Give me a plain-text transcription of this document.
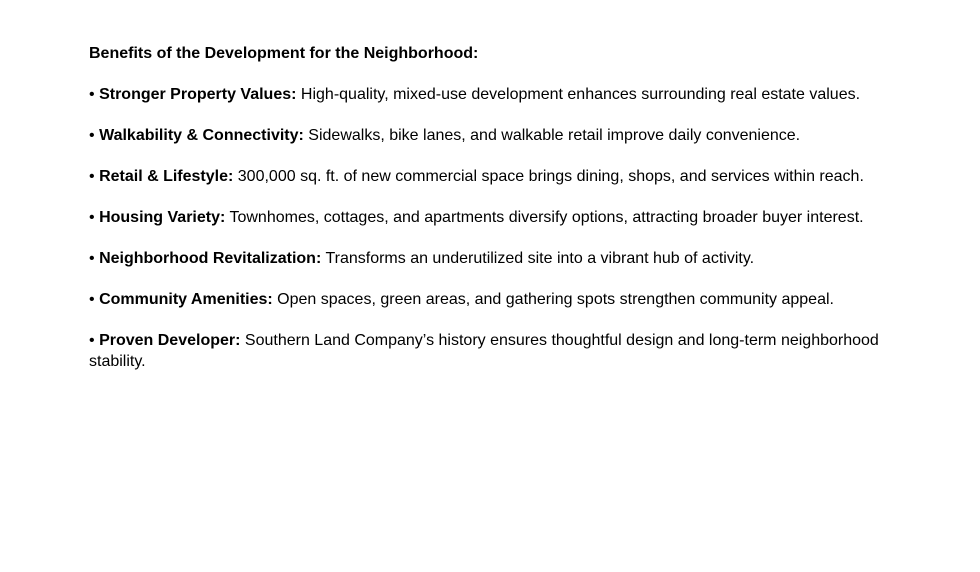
Benefits of the Development for the Neighborhood:
• Stronger Property Values: High-quality, mixed-use development enhances surrounding real estate values.
• Walkability & Connectivity: Sidewalks, bike lanes, and walkable retail improve daily convenience.
• Retail & Lifestyle: 300,000 sq. ft. of new commercial space brings dining, shops, and services within reach.
• Housing Variety: Townhomes, cottages, and apartments diversify options, attracting broader buyer interest.
• Neighborhood Revitalization: Transforms an underutilized site into a vibrant hub of activity.
• Community Amenities: Open spaces, green areas, and gathering spots strengthen community appeal.
• Proven Developer: Southern Land Company’s history ensures thoughtful design and long-term neighborhood stability.
